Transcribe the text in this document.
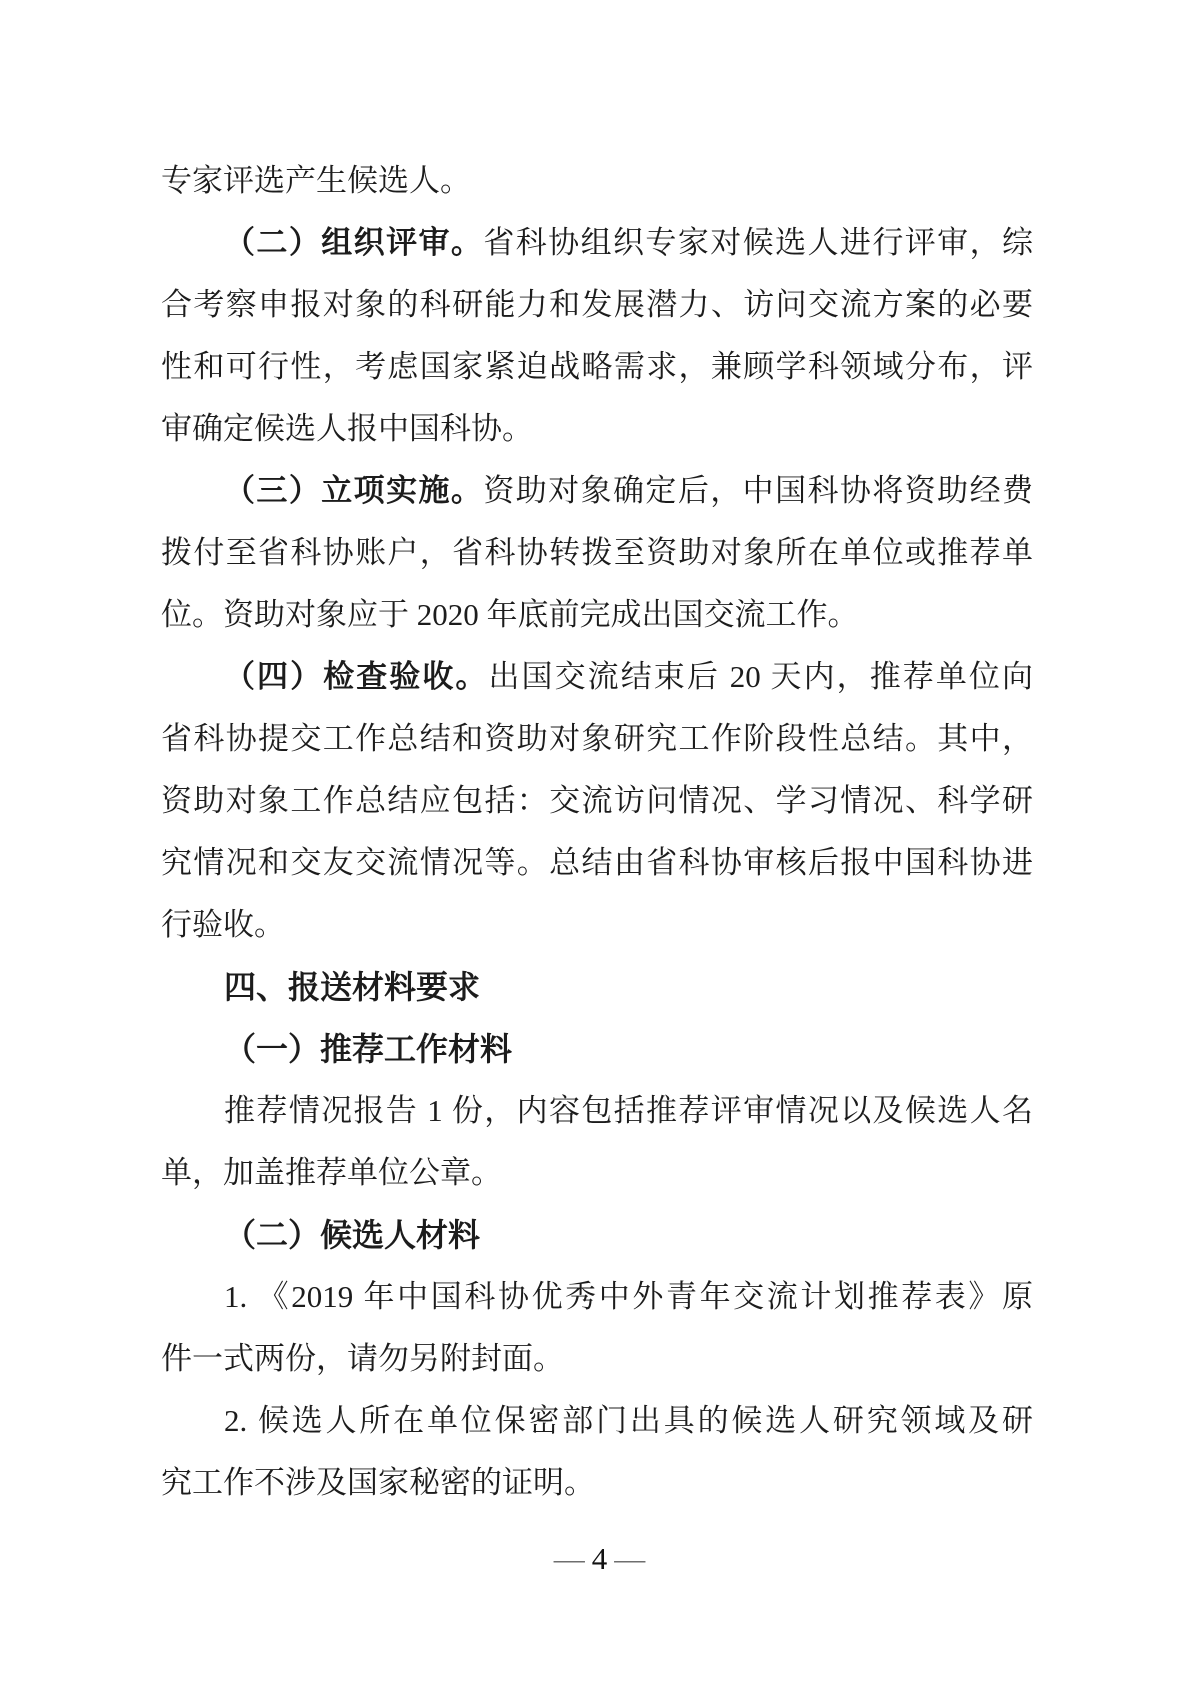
专家评选产生候选人。
（二）组织评审。省科协组织专家对候选人进行评审，综
合考察申报对象的科研能力和发展潜力、访问交流方案的必要
性和可行性，考虑国家紧迫战略需求，兼顾学科领域分布，评
审确定候选人报中国科协。
（三）立项实施。资助对象确定后，中国科协将资助经费
拨付至省科协账户，省科协转拨至资助对象所在单位或推荐单
位。资助对象应于 2020 年底前完成出国交流工作。
（四）检查验收。出国交流结束后 20 天内，推荐单位向
省科协提交工作总结和资助对象研究工作阶段性总结。其中，
资助对象工作总结应包括：交流访问情况、学习情况、科学研
究情况和交友交流情况等。总结由省科协审核后报中国科协进
行验收。
四、报送材料要求
（一）推荐工作材料
推荐情况报告 1 份，内容包括推荐评审情况以及候选人名
单，加盖推荐单位公章。
（二）候选人材料
1. 《2019 年中国科协优秀中外青年交流计划推荐表》原
件一式两份，请勿另附封面。
2. 候选人所在单位保密部门出具的候选人研究领域及研
究工作不涉及国家秘密的证明。
— 4 —
